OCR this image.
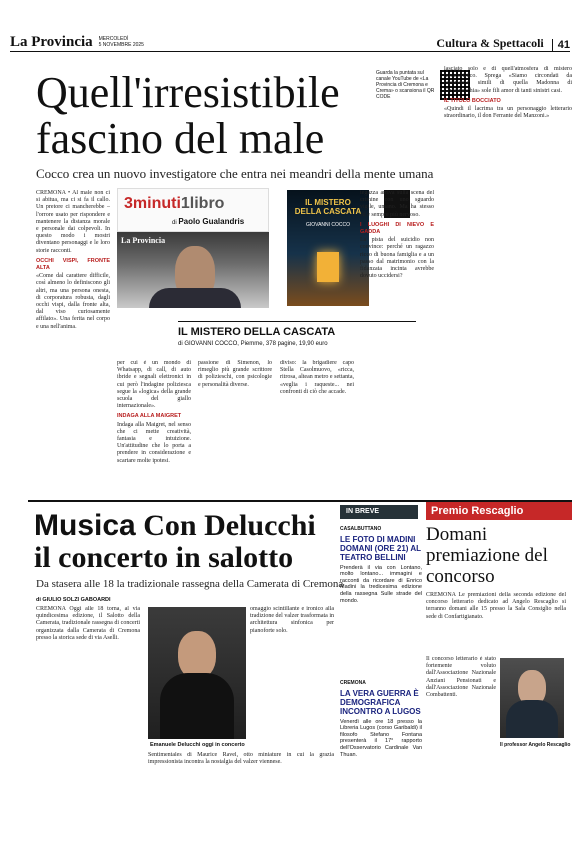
La Provincia MERCOLEDÌ
5 NOVEMBRE 2025	Cultura & Spettacoli	41
Quell'irresistibile fascino del male
Guarda la puntata sul canale YouTube de «La Provincia di Cremona e Crema» o scansiona il QR CODE
Cocco crea un nuovo investigatore che entra nei meandri della mente umana
CREMONA • Al male non ci si abitua, ma ci si fa il callo. Un pretore ci mancherebbe – l'orrore usato per rispondere e mantenere la distanza morale e personale dai colpevoli. In questo modo i mostri diventano personaggi e le loro storie racconti.
OCCHI VISPI, FRONTE ALTA
«Come dal carattere difficile, così almeno lo definiscono gli altri, ma una persona onesta, di corporatura robusta, dagli occhi vispi, dalla fronte alta, dal viso curiosamente affilato». Una ferita nel corpo e una nell'anima.
3minuti1libro
di Paolo Gualandris
La Provincia
IL MISTERO DELLA CASCATA
GIOVANNI COCCO
IL MISTERO DELLA CASCATA
di GIOVANNI COCCO, Piemme, 378 pagine, 19,90 euro
per cui è un mondo di Whatsapp, di call, di auto ibride e segnali elettronici in cui però l'indagine poliziesca segue la «logica» della grande scuola del giallo internazionale».
INDAGA ALLA MAIGRET
Indaga alla Maigret, nel senso che ci mette creatività, fantasia e intuizione. Un'attitudine che lo porta a prendere in considerazione e scartare molte ipotesi.
passione di Simenon, lo rimeglio più grande scrittore di polizieschi, con psicologie e personalità diverse.
diviso: la brigadiere capo Stella Casolmuovo, «ricca, ritrosa, altean metro e settanta, «veglia i raqueste... nei confronti di ciò che accade.
tegazza arriva sulla scena del crimine con uno sguardo vigile, umano. Ma ha stesso ed è sempre più nervoso.
I LUOGHI DI NIEVO E GADDA
La pista del suicidio non convince: perché un ragazzo ricco di buona famiglia e a un passo dal matrimonio con la fidanzata incinta avrebbe dovuto uccidersi?
lasciato solo e di quell'atmosfera di mistero miracolistico. Sprega «Siamo circondati da esperienze simili di quella Madonna di Civitavecchia» sole fili amor di tanti sinistri casi.
IL TITOLO BOCCIATO
«Quindi il lacrima tra un personaggio letterario straordinario, il don Ferrante del Manzoni.»
Musica Con Delucchi
il concerto in salotto
Da stasera alle 18 la tradizionale rassegna della Camerata di Cremona
di GIULIO SOLZI GABOARDI
CREMONA Oggi alle 18 torna, al via quindicesima edizione, il Salotto della Camerata, tradizionale rassegna di concerti organizzata dalla Camerata di Cremona presso la storica sede di via Aselli.
Emanuele Delucchi oggi in concerto
omaggio scintillante e ironico alla tradizione del valzer trasformata in architettura sinfonica per pianoforte solo.
Sentimentales di Maurice Ravel, otto miniature in cui la grazia impressionista incontra la nostalgia del valzer viennese.
IN BREVE
CASALBUTTANO
LE FOTO DI MADINI DOMANI (ORE 21) AL TEATRO BELLINI
Prenderà il via con Lontano, molto lontano... immagini e racconti da ricordare di Enrico Madini la tredicesima edizione della rassegna Sulle strade del mondo.
CREMONA
LA VERA GUERRA È DEMOGRAFICA INCONTRO A LUGOS
Venerdì alle ore 18 presso la Libreria Lugos (corso Garibaldi) il filosofo Stefano Fontana presenterà il 17° rapporto dell'Osservatorio Cardinale Van Thuan.
Premio Rescaglio
Domani premiazione del concorso
CREMONA Le premiazioni della seconda edizione del concorso letterario dedicato ad Angelo Rescaglio si terranno domani alle 15 presso la Sala Consiglio nella sede di Confartigianato.
Il concorso letterario è stato fortemente voluto dall'Associazione Nazionale Anziani Pensionati e dall'Associazione Nazionale Combattenti.
Il professor Angelo Rescaglio
